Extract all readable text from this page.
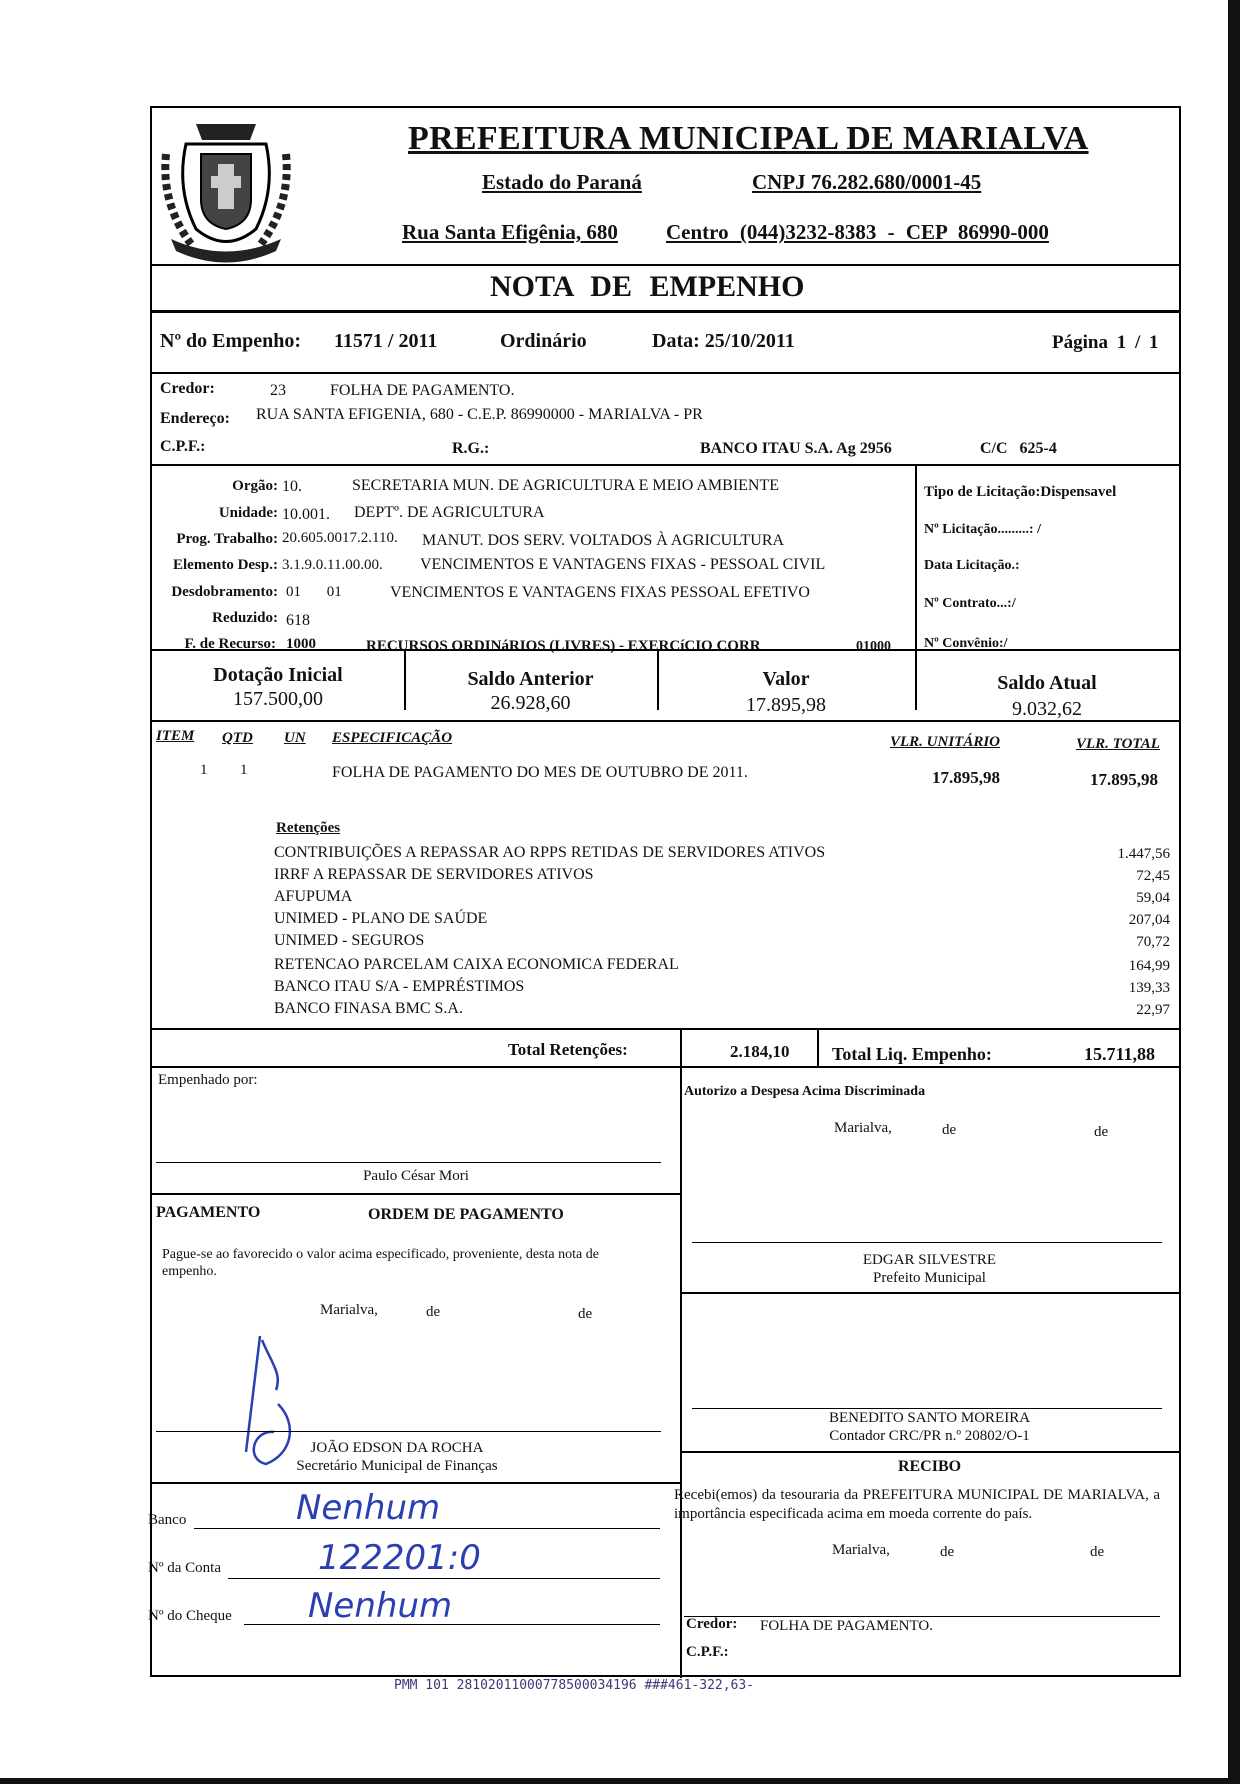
PREFEITURA MUNICIPAL DE MARIALVA
Estado do Paraná	CNPJ 76.282.680/0001-45
Rua Santa Efigênia, 680 Centro (044)3232-8383 - CEP 86990-000
NOTA DE EMPENHO
Nº do Empenho: 11571 / 2011	Ordinário	Data: 25/10/2011	Página 1 / 1
Credor:	23	FOLHA DE PAGAMENTO.
Endereço: RUA SANTA EFIGENIA, 680 - C.E.P. 86990000 - MARIALVA - PR
C.P.F.:	R.G.:	BANCO ITAU S.A. Ag 2956	C/C 625-4
Orgão: 10.	SECRETARIA MUN. DE AGRICULTURA E MEIO AMBIENTE
Unidade: 10.001. DEPTº. DE AGRICULTURA
Prog. Trabalho: 20.605.0017.2.110. MANUT. DOS SERV. VOLTADOS À AGRICULTURA
Elemento Desp.: 3.1.9.0.11.00.00. VENCIMENTOS E VANTAGENS FIXAS - PESSOAL CIVIL
Desdobramento: 01 01	VENCIMENTOS E VANTAGENS FIXAS PESSOAL EFETIVO
Reduzido: 618
F. de Recurso: 1000	RECURSOS ORDINáRIOS (LIVRES) - EXERCíCIO CORR	01000
Tipo de Licitação:Dispensavel
Nº Licitação.........: /
Data Licitação.:
Nº Contrato...:/
Nº Convênio:/
Dotação Inicial
157.500,00
Saldo Anterior
26.928,60
Valor
17.895,98
Saldo Atual
9.032,62
ITEM QTD UN ESPECIFICAÇÃO	VLR. UNITÁRIO	VLR. TOTAL
1 1	FOLHA DE PAGAMENTO DO MES DE OUTUBRO DE 2011.	17.895,98	17.895,98
Retenções
Total Retenções:	2.184,10 Total Liq. Empenho:	15.711,88
Empenhado por:
Paulo César Mori
PAGAMENTO	ORDEM DE PAGAMENTO
Pague-se ao favorecido o valor acima especificado, proveniente, desta nota de empenho.
Marialva,	de	de
JOÃO EDSON DA ROCHA
Secretário Municipal de Finanças
Banco	Nenhum
Nº da Conta	122201:0
Nº do Cheque Nenhum
Autorizo a Despesa Acima Discriminada
Marialva,	de	de
EDGAR SILVESTRE
Prefeito Municipal
BENEDITO SANTO MOREIRA
Contador CRC/PR n.º 20802/O-1
RECIBO
Recebi(emos) da tesouraria da PREFEITURA MUNICIPAL DE MARIALVA, a importância especificada acima em moeda corrente do país.
Marialva,	de	de
Credor: FOLHA DE PAGAMENTO.
C.P.F.:
CONTRIBUIÇÕES A REPASSAR AO RPPS RETIDAS DE SERVIDORES ATIVOS	1.447,56
IRRF A REPASSAR DE SERVIDORES ATIVOS	72,45
AFUPUMA	59,04
UNIMED - PLANO DE SAÚDE	207,04
UNIMED - SEGUROS	70,72
RETENCAO PARCELAM CAIXA ECONOMICA FEDERAL	164,99
BANCO ITAU S/A - EMPRÉSTIMOS	139,33
BANCO FINASA BMC S.A.	22,97
PMM 101 28102011000778500034196 ###461-322,63-
